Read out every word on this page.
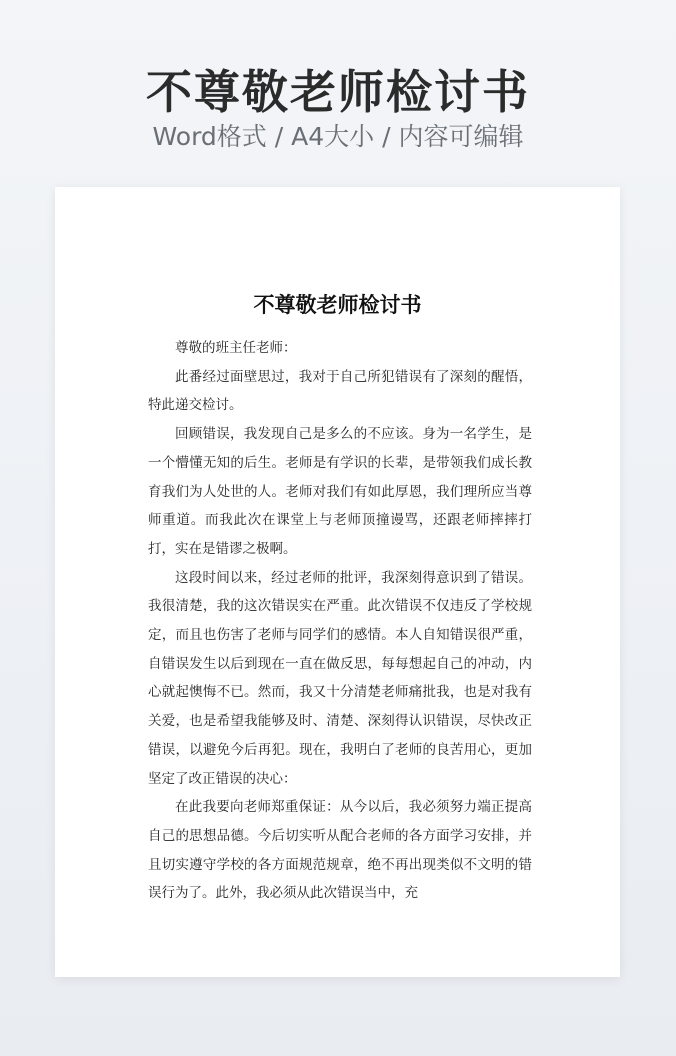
不尊敬老师检讨书
Word格式 / A4大小 / 内容可编辑
不尊敬老师检讨书

尊敬的班主任老师：

此番经过面壁思过，我对于自己所犯错误有了深刻的醒悟，特此递交检讨。

回顾错误，我发现自己是多么的不应该。身为一名学生，是一个懵懂无知的后生。老师是有学识的长辈，是带领我们成长教育我们为人处世的人。老师对我们有如此厚恩，我们理所应当尊师重道。而我此次在课堂上与老师顶撞谩骂，还跟老师摔摔打打，实在是错谬之极啊。

这段时间以来，经过老师的批评，我深刻得意识到了错误。我很清楚，我的这次错误实在严重。此次错误不仅违反了学校规定，而且也伤害了老师与同学们的感情。本人自知错误很严重，自错误发生以后到现在一直在做反思，每每想起自己的冲动，内心就起懊悔不已。然而，我又十分清楚老师痛批我，也是对我有关爱，也是希望我能够及时、清楚、深刻得认识错误，尽快改正错误，以避免今后再犯。现在，我明白了老师的良苦用心，更加坚定了改正错误的决心：

在此我要向老师郑重保证：从今以后，我必须努力端正提高自己的思想品德。今后切实听从配合老师的各方面学习安排，并且切实遵守学校的各方面规范规章，绝不再出现类似不文明的错误行为了。此外，我必须从此次错误当中，充
